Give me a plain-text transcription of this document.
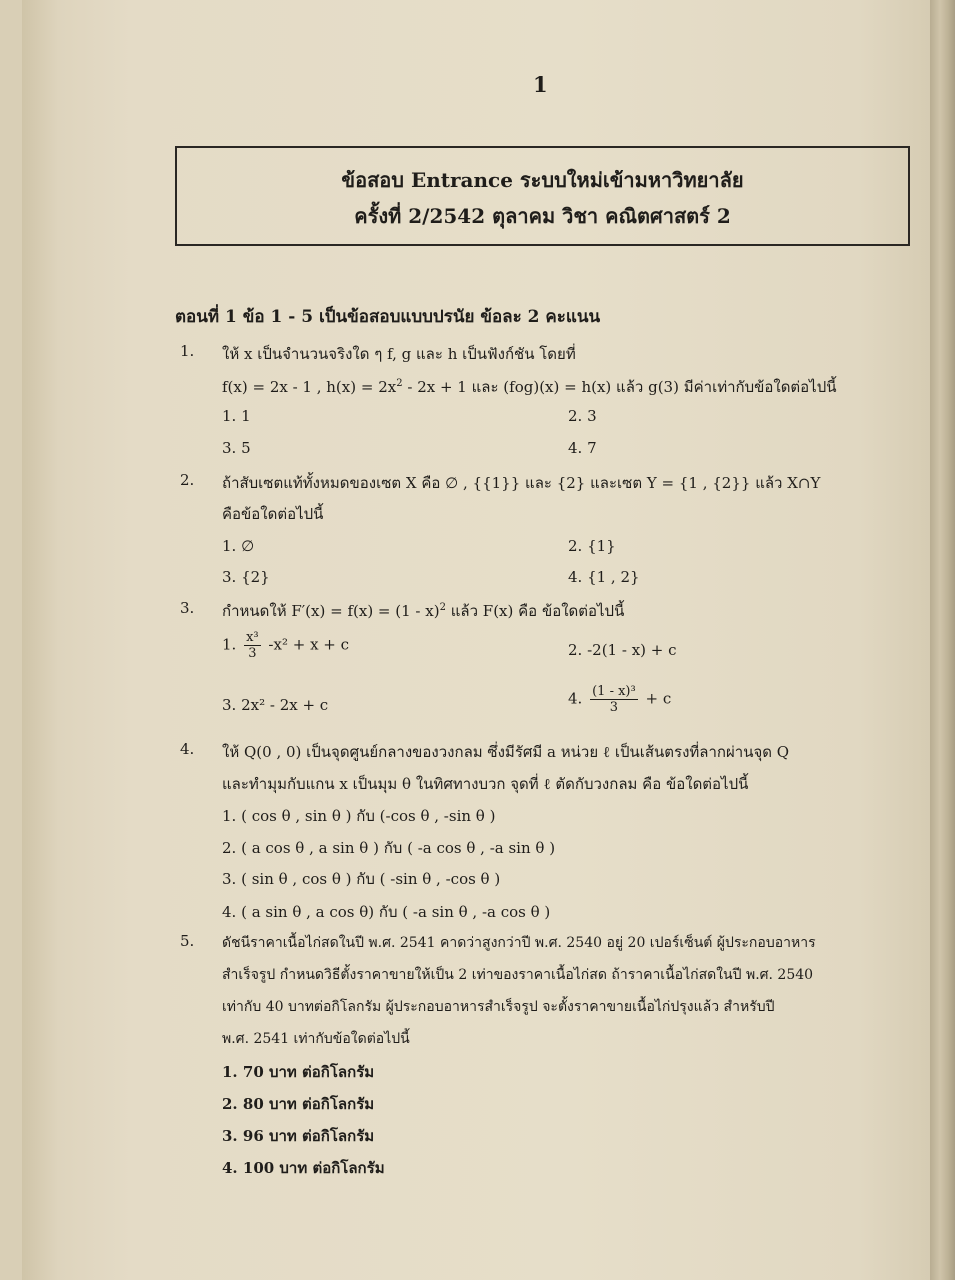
1
ข้อสอบ Entrance ระบบใหม่เข้ามหาวิทยาลัย
ครั้งที่ 2/2542 ตุลาคม วิชา คณิตศาสตร์ 2
ตอนที่ 1 ข้อ 1 - 5 เป็นข้อสอบแบบปรนัย ข้อละ 2 คะแนน
1. ให้ x เป็นจำนวนจริงใด ๆ f, g และ h เป็นฟังก์ชัน โดยที่
f(x) = 2x - 1 , $h(x) = 2x^2 - 2x + 1$ และ (fog)(x) = h(x) แล้ว g(3) มีค่าเท่ากับข้อใดต่อไปนี้
1. 1	2. 3
3. 5	4. 7
2. ถ้าสับเซตแท้ทั้งหมดของเซต X คือ ∅ , {{1}} และ {2} และเซต Y = {1 , {2}} แล้ว X∩Y
คือข้อใดต่อไปนี้
1. ∅	2. {1}
3. {2}	4. {1 , 2}
3. กำหนดให้ F′(x) = f(x) = (1 - x)$^2$ แล้ว F(x) คือ ข้อใดต่อไปนี้
1. $\frac{\text{x³}}{3} -x^2 + x + c$	2. -2(1 - x) + c
3. 2x² - 2x + c	4. $\frac{\text{(1 - x)³}}{3} + c$
4. ให้ Q(0 , 0) เป็นจุดศูนย์กลางของวงกลม ซึ่งมีรัศมี a หน่วย ℓ เป็นเส้นตรงที่ลากผ่านจุด Q
และทำมุมกับแกน x เป็นมุม θ ในทิศทางบวก จุดที่ ℓ ตัดกับวงกลม คือ ข้อใดต่อไปนี้
1. ( cos θ , sin θ ) กับ (-cos θ , -sin θ )
2. ( a cos θ , a sin θ ) กับ ( -a cos θ , -a sin θ )
3. ( sin θ , cos θ ) กับ ( -sin θ , -cos θ )
4. ( a sin θ , a cos θ) กับ ( -a sin θ , -a cos θ )
5. ดัชนีราคาเนื้อไก่สดในปี พ.ศ. 2541 คาดว่าสูงกว่าปี พ.ศ. 2540 อยู่ 20 เปอร์เซ็นต์ ผู้ประกอบอาหาร
สำเร็จรูป กำหนดวิธีตั้งราคาขายให้เป็น 2 เท่าของราคาเนื้อไก่สด ถ้าราคาเนื้อไก่สดในปี พ.ศ. 2540
เท่ากับ 40 บาทต่อกิโลกรัม ผู้ประกอบอาหารสำเร็จรูป จะตั้งราคาขายเนื้อไก่ปรุงแล้ว สำหรับปี
พ.ศ. 2541 เท่ากับข้อใดต่อไปนี้
1. 70 บาท ต่อกิโลกรัม
2. 80 บาท ต่อกิโลกรัม
3. 96 บาท ต่อกิโลกรัม
4. 100 บาท ต่อกิโลกรัม
